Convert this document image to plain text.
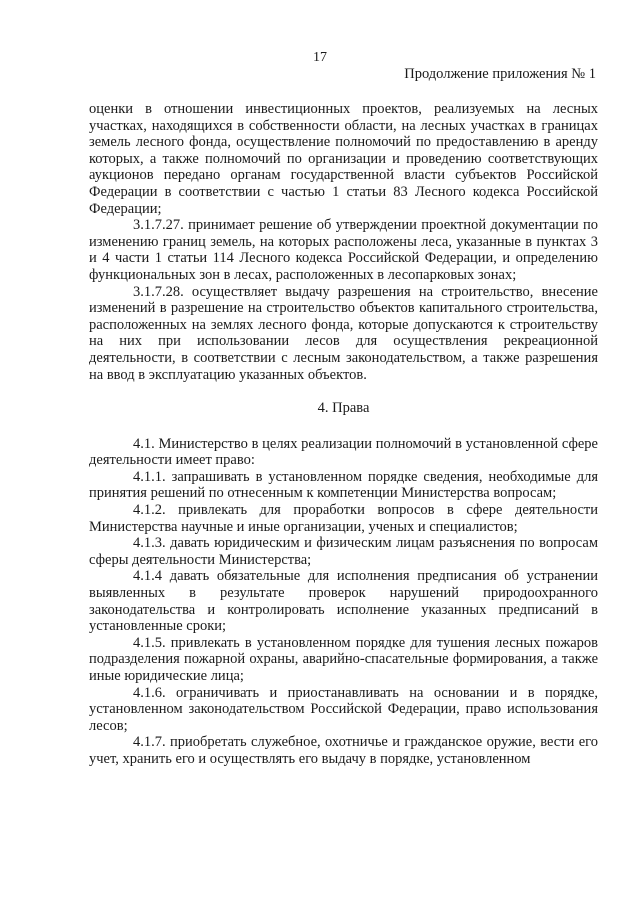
17
Продолжение приложения № 1

оценки в отношении инвестиционных проектов, реализуемых на лесных участках, находящихся в собственности области, на лесных участках в границах земель лесного фонда, осуществление полномочий по предоставлению в аренду которых, а также полномочий по организации и проведению соответствующих аукционов передано органам государственной власти субъектов Российской Федерации в соответствии с частью 1 статьи 83 Лесного кодекса Российской Федерации;

3.1.7.27. принимает решение об утверждении проектной документации по изменению границ земель, на которых расположены леса, указанные в пунктах 3 и 4 части 1 статьи 114 Лесного кодекса Российской Федерации, и определению функциональных зон в лесах, расположенных в лесопарковых зонах;

3.1.7.28. осуществляет выдачу разрешения на строительство, внесение изменений в разрешение на строительство объектов капитального строительства, расположенных на землях лесного фонда, которые допускаются к строительству на них при использовании лесов для осуществления рекреационной деятельности, в соответствии с лесным законодательством, а также разрешения на ввод в эксплуатацию указанных объектов.

4. Права

4.1. Министерство в целях реализации полномочий в установленной сфере деятельности имеет право:

4.1.1. запрашивать в установленном порядке сведения, необходимые для принятия решений по отнесенным к компетенции Министерства вопросам;

4.1.2. привлекать для проработки вопросов в сфере деятельности Министерства научные и иные организации, ученых и специалистов;

4.1.3. давать юридическим и физическим лицам разъяснения по вопросам сферы деятельности Министерства;

4.1.4 давать обязательные для исполнения предписания об устранении выявленных в результате проверок нарушений природоохранного законодательства и контролировать исполнение указанных предписаний в установленные сроки;

4.1.5. привлекать в установленном порядке для тушения лесных пожаров подразделения пожарной охраны, аварийно-спасательные формирования, а также иные юридические лица;

4.1.6. ограничивать и приостанавливать на основании и в порядке, установленном законодательством Российской Федерации, право использования лесов;

4.1.7. приобретать служебное, охотничье и гражданское оружие, вести его учет, хранить его и осуществлять его выдачу в порядке, установленном
